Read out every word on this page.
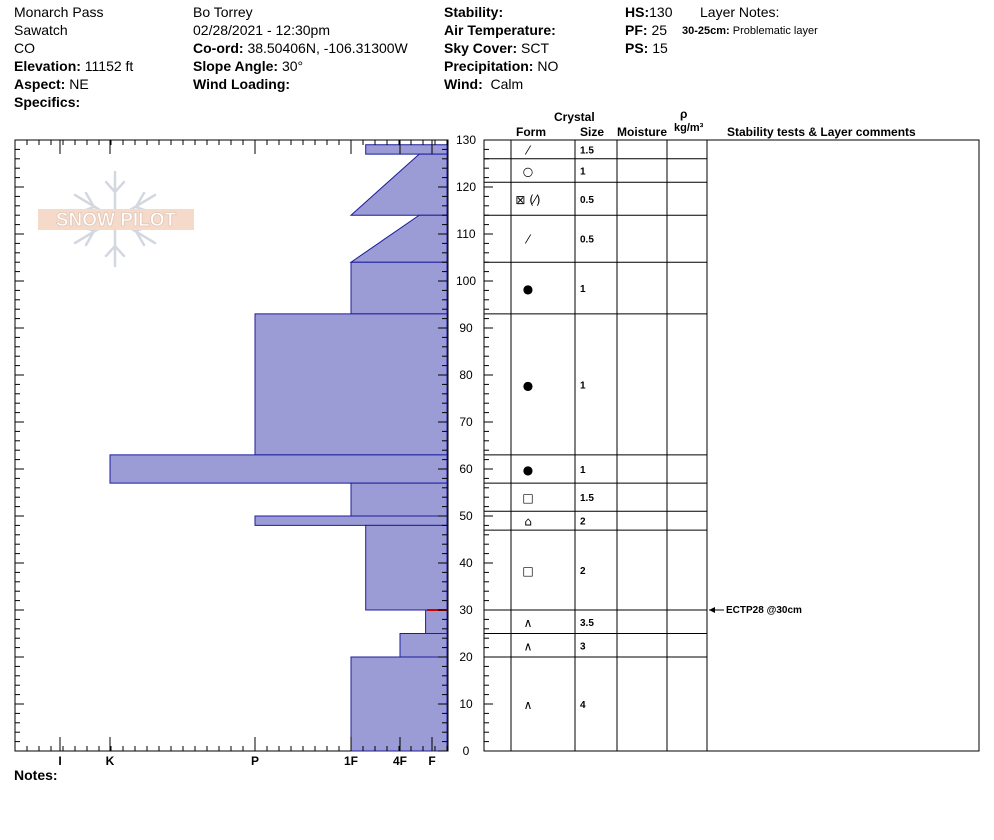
Monarch Pass
Sawatch
CO
Elevation: 11152 ft
Aspect: NE
Specifics:
Bo Torrey
02/28/2021 - 12:30pm
Co-ord: 38.50406N, -106.31300W
Slope Angle: 30°
Wind Loading:
Stability:
Air Temperature:
Sky Cover: SCT
Precipitation: NO
Wind: Calm
HS:130
PF: 25
PS: 15
Layer Notes:
30-25cm: Problematic layer
Crystal
Form	Size Moisture
ρ
kg/m³ Stability tests & Layer comments
SNOW PILOT
F
4F
1F
P
K
I
0
10
20
30
40
50
60
70
80
90
100
110
120
130
⁄	1.5
○	1
⊠ (⁄)	0.5
⁄	0.5
●	1
●	1
●	1
□	1.5
⌂	2
□	2
∧	3.5
∧	3
∧	4
ECTP28 @30cm
Notes:
